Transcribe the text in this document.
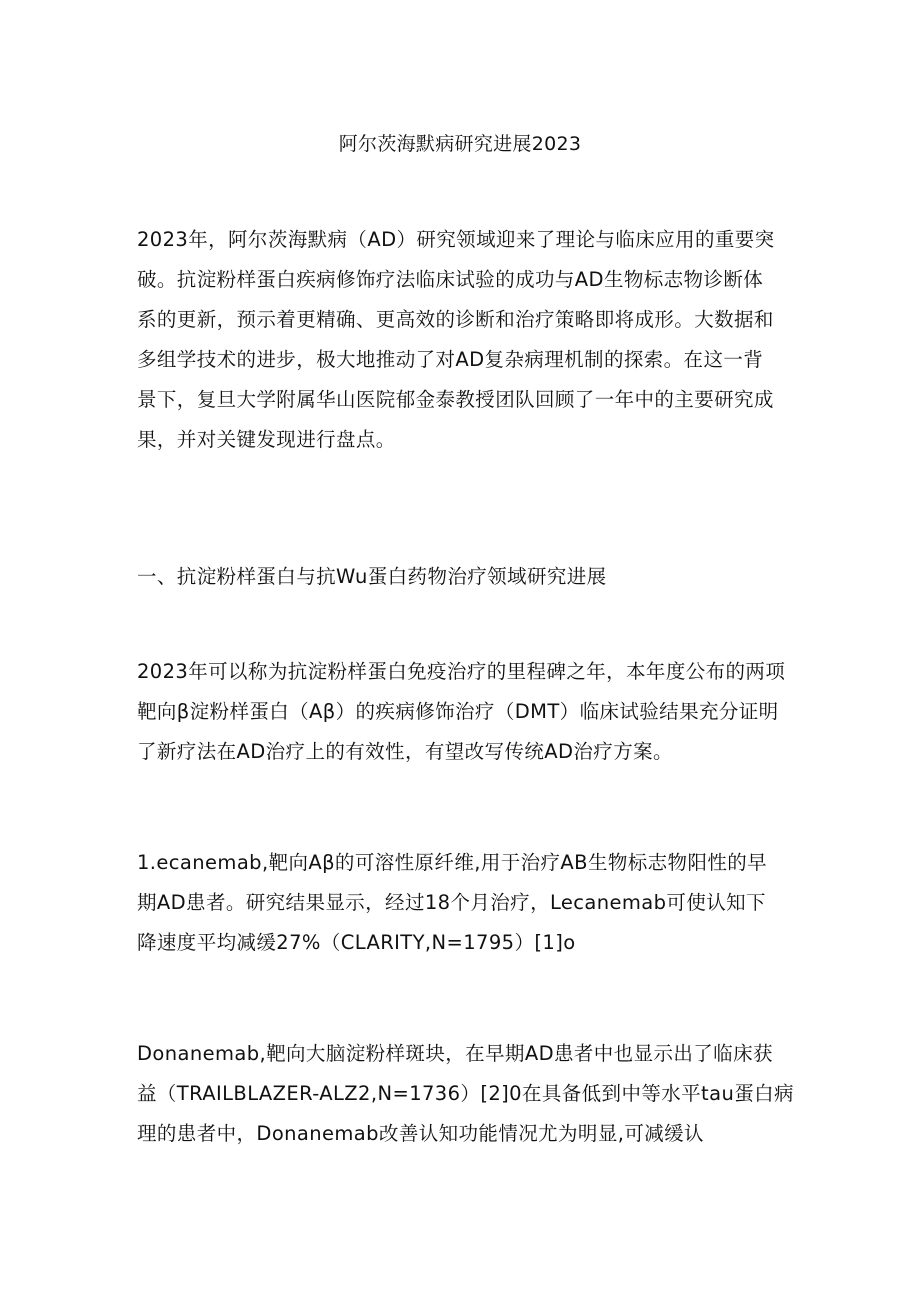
阿尔茨海默病研究进展2023
2023年，阿尔茨海默病（AD）研究领域迎来了理论与临床应用的重要突
破。抗淀粉样蛋白疾病修饰疗法临床试验的成功与AD生物标志物诊断体
系的更新，预示着更精确、更高效的诊断和治疗策略即将成形。大数据和
多组学技术的进步，极大地推动了对AD复杂病理机制的探索。在这一背
景下，复旦大学附属华山医院郁金泰教授团队回顾了一年中的主要研究成
果，并对关键发现进行盘点。
一、抗淀粉样蛋白与抗Wu蛋白药物治疗领域研究进展
2023年可以称为抗淀粉样蛋白免疫治疗的里程碑之年，本年度公布的两项
靶向β淀粉样蛋白（Aβ）的疾病修饰治疗（DMT）临床试验结果充分证明
了新疗法在AD治疗上的有效性，有望改写传统AD治疗方案。
1.ecanemab,靶向Aβ的可溶性原纤维,用于治疗AB生物标志物阳性的早
期AD患者。研究结果显示，经过18个月治疗，Lecanemab可使认知下
降速度平均减缓27%（CLARITY,N=1795）[1]o
Donanemab,靶向大脑淀粉样斑块，在早期AD患者中也显示出了临床获
益（TRAILBLAZER-ALZ2,N=1736）[2]0在具备低到中等水平tau蛋白病
理的患者中，Donanemab改善认知功能情况尤为明显,可减缓认
